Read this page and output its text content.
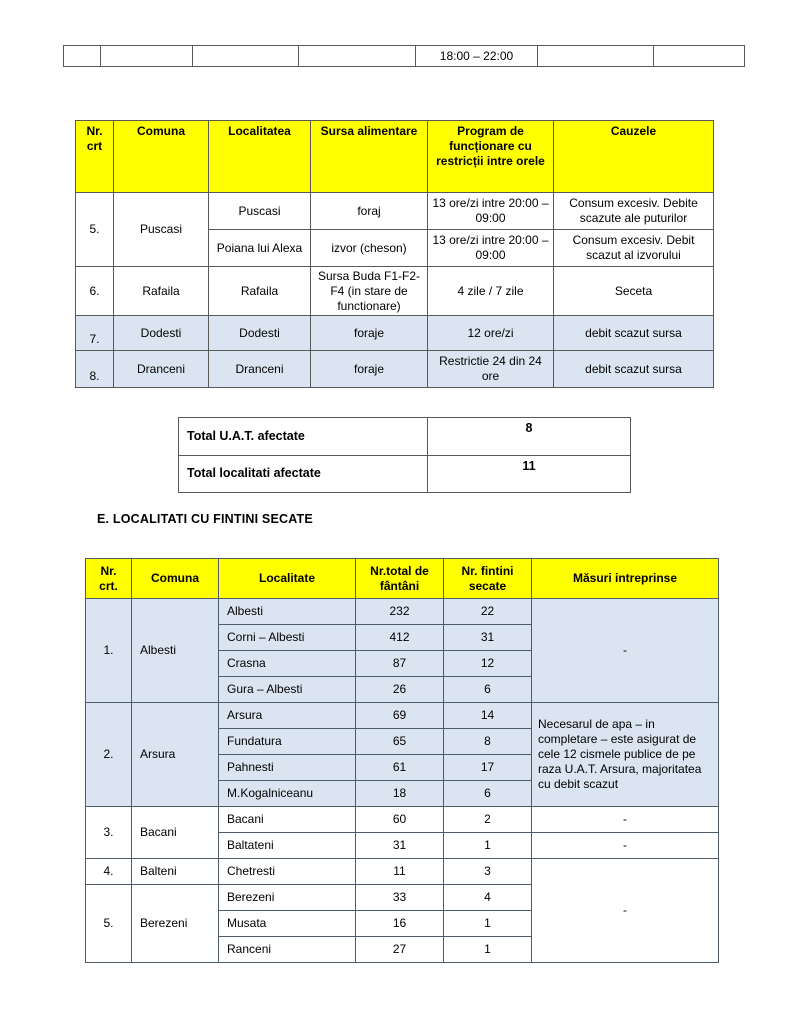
				18:00 – 22:00		
Nr. crt	Comuna	Localitatea	Sursa alimentare	Program de funcționare cu restricții intre orele	Cauzele
5.	Puscasi	Puscasi	foraj	13 ore/zi intre 20:00 – 09:00	Consum excesiv. Debite scazute ale puturilor
		Poiana lui Alexa	izvor (cheson)	13 ore/zi intre 20:00 – 09:00	Consum excesiv. Debit scazut al izvorului
6.	Rafaila	Rafaila	Sursa Buda F1-F2-F4 (in stare de functionare)	4 zile / 7 zile	Seceta
7.	Dodesti	Dodesti	foraje	12 ore/zi	debit scazut sursa
8.	Dranceni	Dranceni	foraje	Restrictie 24 din 24 ore	debit scazut sursa
Total U.A.T. afectate	8
Total localitati afectate	11
E. LOCALITATI CU FINTINI SECATE
Nr. crt.	Comuna	Localitate	Nr.total de fântâni	Nr. fintini secate	Măsuri intreprinse
1.	Albesti	Albesti	232	22	-
		Corni – Albesti	412	31	
		Crasna	87	12	
		Gura – Albesti	26	6	
2.	Arsura	Arsura	69	14	Necesarul de apa – in completare – este asigurat de cele 12 cismele publice de pe raza U.A.T. Arsura, majoritatea cu debit scazut
		Fundatura	65	8	
		Pahnesti	61	17	
		M.Kogalniceanu	18	6	
3.	Bacani	Bacani	60	2	-
		Baltateni	31	1	-
4.	Balteni	Chetresti	11	3	-
5.	Berezeni	Berezeni	33	4	
		Musata	16	1	
		Ranceni	27	1	
